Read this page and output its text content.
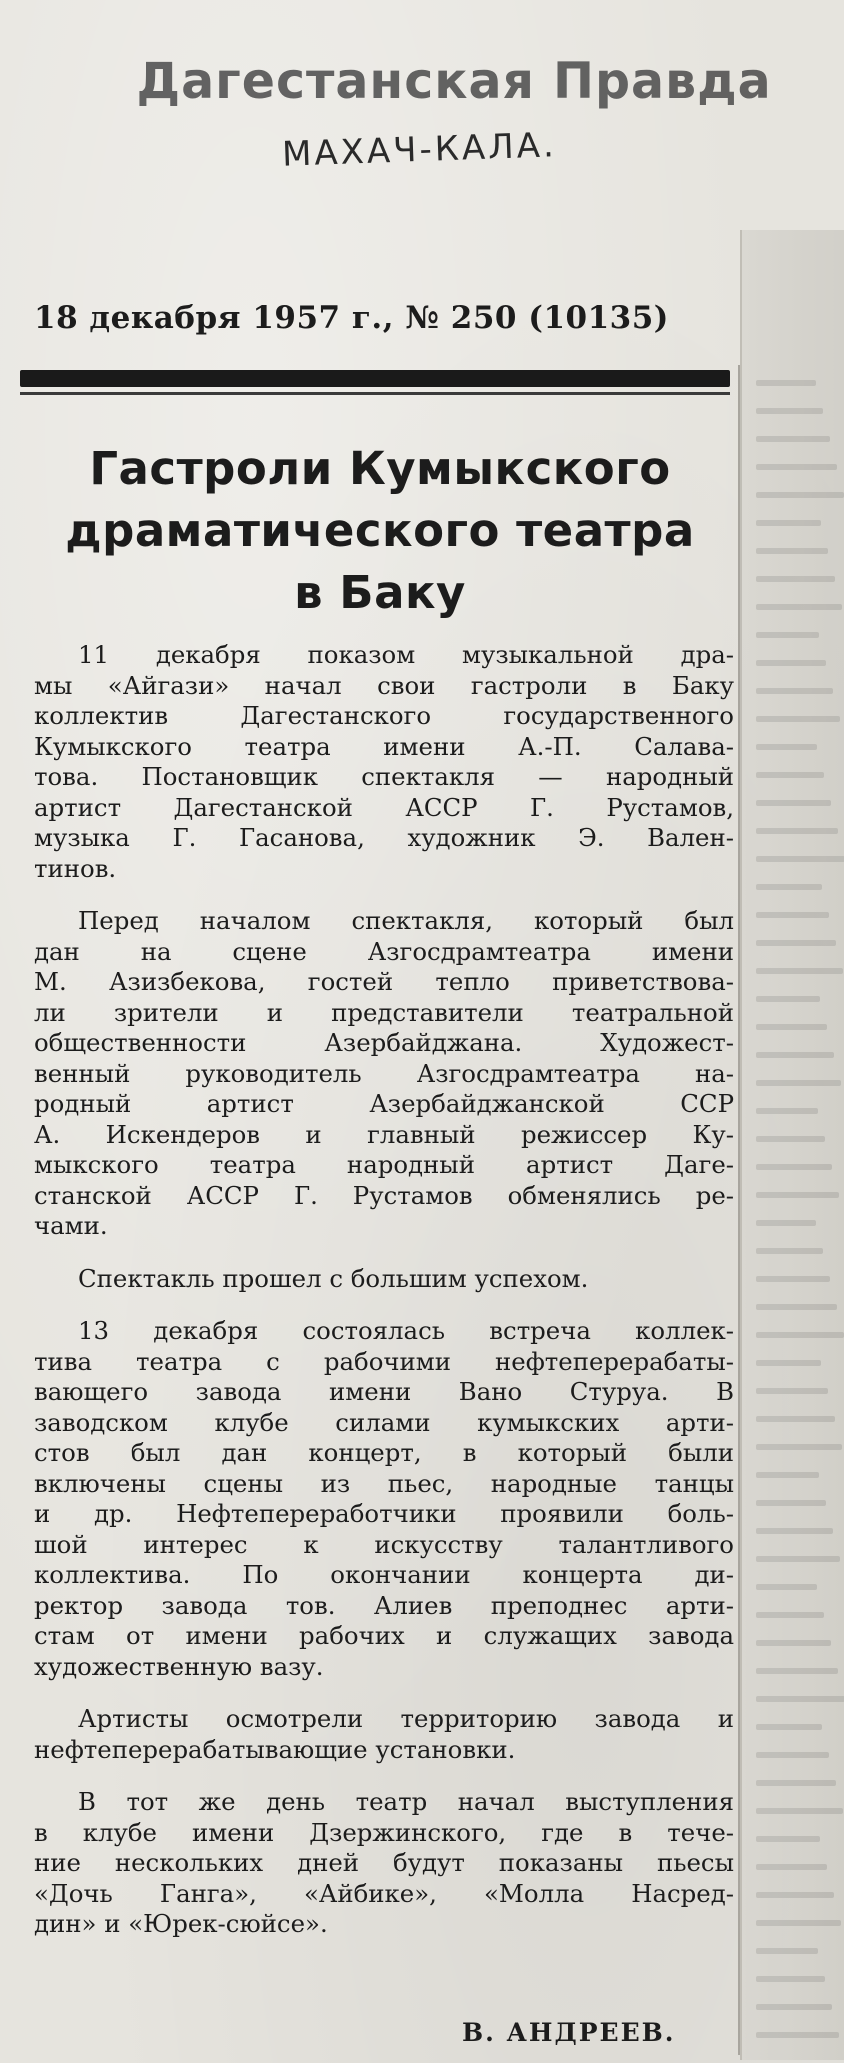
Дагестанская Правда
МАХАЧ-КАЛА.
18 декабря 1957 г., № 250 (10135)
Гастроли Кумыкского
драматического театра
в Баку
11 декабря показом музыкальной дра-
мы «Айгази» начал свои гастроли в Баку
коллектив Дагестанского государственного
Кумыкского театра имени А.-П. Салава-
това. Постановщик спектакля — народный
артист Дагестанской АССР Г. Рустамов,
музыка Г. Гасанова, художник Э. Вален-
тинов.
Перед началом спектакля, который был
дан на сцене Азгосдрамтеатра имени
М. Азизбекова, гостей тепло приветствова-
ли зрители и представители театральной
общественности Азербайджана. Художест-
венный руководитель Азгосдрамтеатра на-
родный артист Азербайджанской ССР
А. Искендеров и главный режиссер Ку-
мыкского театра народный артист Даге-
станской АССР Г. Рустамов обменялись ре-
чами.
Спектакль прошел с большим успехом.
13 декабря состоялась встреча коллек-
тива театра с рабочими нефтеперерабаты-
вающего завода имени Вано Стуруа. В
заводском клубе силами кумыкских арти-
стов был дан концерт, в который были
включены сцены из пьес, народные танцы
и др. Нефтепереработчики проявили боль-
шой интерес к искусству талантливого
коллектива. По окончании концерта ди-
ректор завода тов. Алиев преподнес арти-
стам от имени рабочих и служащих завода
художественную вазу.
Артисты осмотрели территорию завода и
нефтеперерабатывающие установки.
В тот же день театр начал выступления
в клубе имени Дзержинского, где в тече-
ние нескольких дней будут показаны пьесы
«Дочь Ганга», «Айбике», «Молла Насред-
дин» и «Юрек-сюйсе».
В. АНДРЕЕВ.
